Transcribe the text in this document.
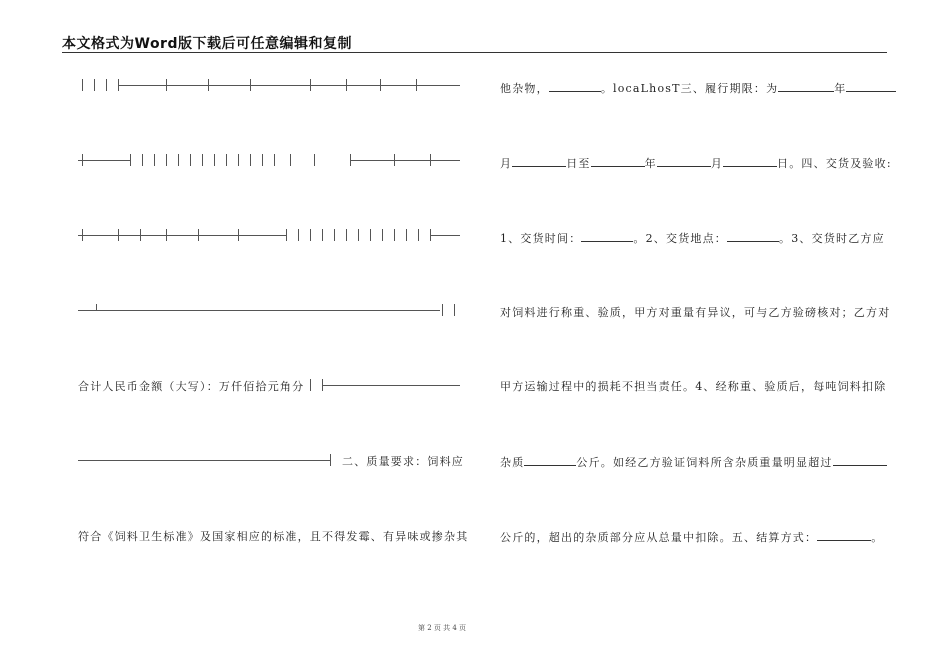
本文格式为Word版下载后可任意编辑和复制
合计人民币金额（大写）：万仟佰拾元角分
二、质量要求：饲料应
符合《饲料卫生标准》及国家相应的标准，且不得发霉、有异味或掺杂其
他杂物，	。locaLhosT三、履行期限：为	年
月	日至	年	月	日。四、交货及验收:
1、交货时间：	。2、交货地点：	。3、交货时乙方应
对饲料进行称重、验质，甲方对重量有异议，可与乙方验磅核对；乙方对
甲方运输过程中的损耗不担当责任。4、经称重、验质后，每吨饲料扣除
杂质	公斤。如经乙方验证饲料所含杂质重量明显超过
公斤的，超出的杂质部分应从总量中扣除。五、结算方式：	。
第 2 页 共 4 页
